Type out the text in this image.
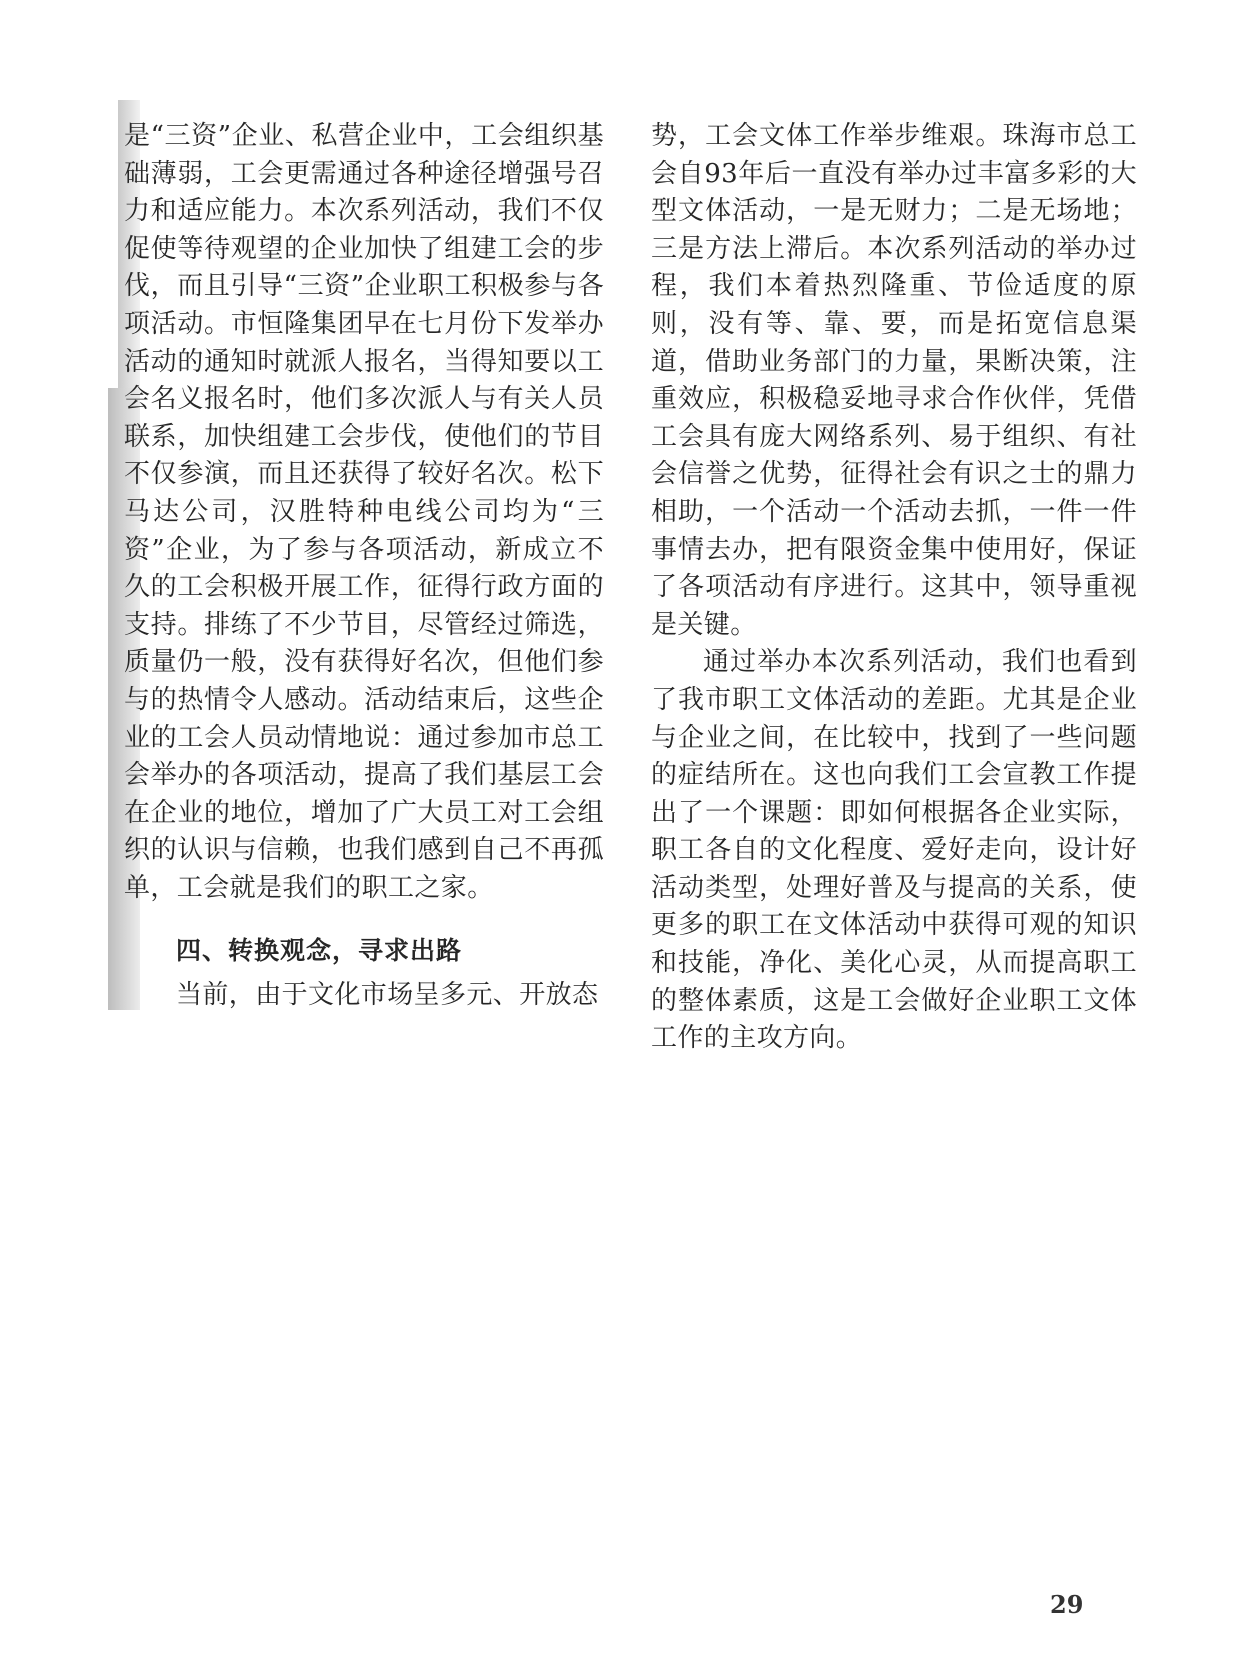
是“三资”企业、私营企业中，工会组织基础薄弱，工会更需通过各种途径增强号召力和适应能力。本次系列活动，我们不仅促使等待观望的企业加快了组建工会的步伐，而且引导“三资”企业职工积极参与各项活动。市恒隆集团早在七月份下发举办活动的通知时就派人报名，当得知要以工会名义报名时，他们多次派人与有关人员联系，加快组建工会步伐，使他们的节目不仅参演，而且还获得了较好名次。松下马达公司，汉胜特种电线公司均为“三资”企业，为了参与各项活动，新成立不久的工会积极开展工作，征得行政方面的支持。排练了不少节目，尽管经过筛选，质量仍一般，没有获得好名次，但他们参与的热情令人感动。活动结束后，这些企业的工会人员动情地说：通过参加市总工会举办的各项活动，提高了我们基层工会在企业的地位，增加了广大员工对工会组织的认识与信赖，也我们感到自己不再孤单，工会就是我们的职工之家。

四、转换观念，寻求出路

当前，由于文化市场呈多元、开放态

势，工会文体工作举步维艰。珠海市总工会自93年后一直没有举办过丰富多彩的大型文体活动，一是无财力；二是无场地；三是方法上滞后。本次系列活动的举办过程，我们本着热烈隆重、节俭适度的原则，没有等、靠、要，而是拓宽信息渠道，借助业务部门的力量，果断决策，注重效应，积极稳妥地寻求合作伙伴，凭借工会具有庞大网络系列、易于组织、有社会信誉之优势，征得社会有识之士的鼎力相助，一个活动一个活动去抓，一件一件事情去办，把有限资金集中使用好，保证了各项活动有序进行。这其中，领导重视是关键。

通过举办本次系列活动，我们也看到了我市职工文体活动的差距。尤其是企业与企业之间，在比较中，找到了一些问题的症结所在。这也向我们工会宣教工作提出了一个课题：即如何根据各企业实际，职工各自的文化程度、爱好走向，设计好活动类型，处理好普及与提高的关系，使更多的职工在文体活动中获得可观的知识和技能，净化、美化心灵，从而提高职工的整体素质，这是工会做好企业职工文体工作的主攻方向。

29
